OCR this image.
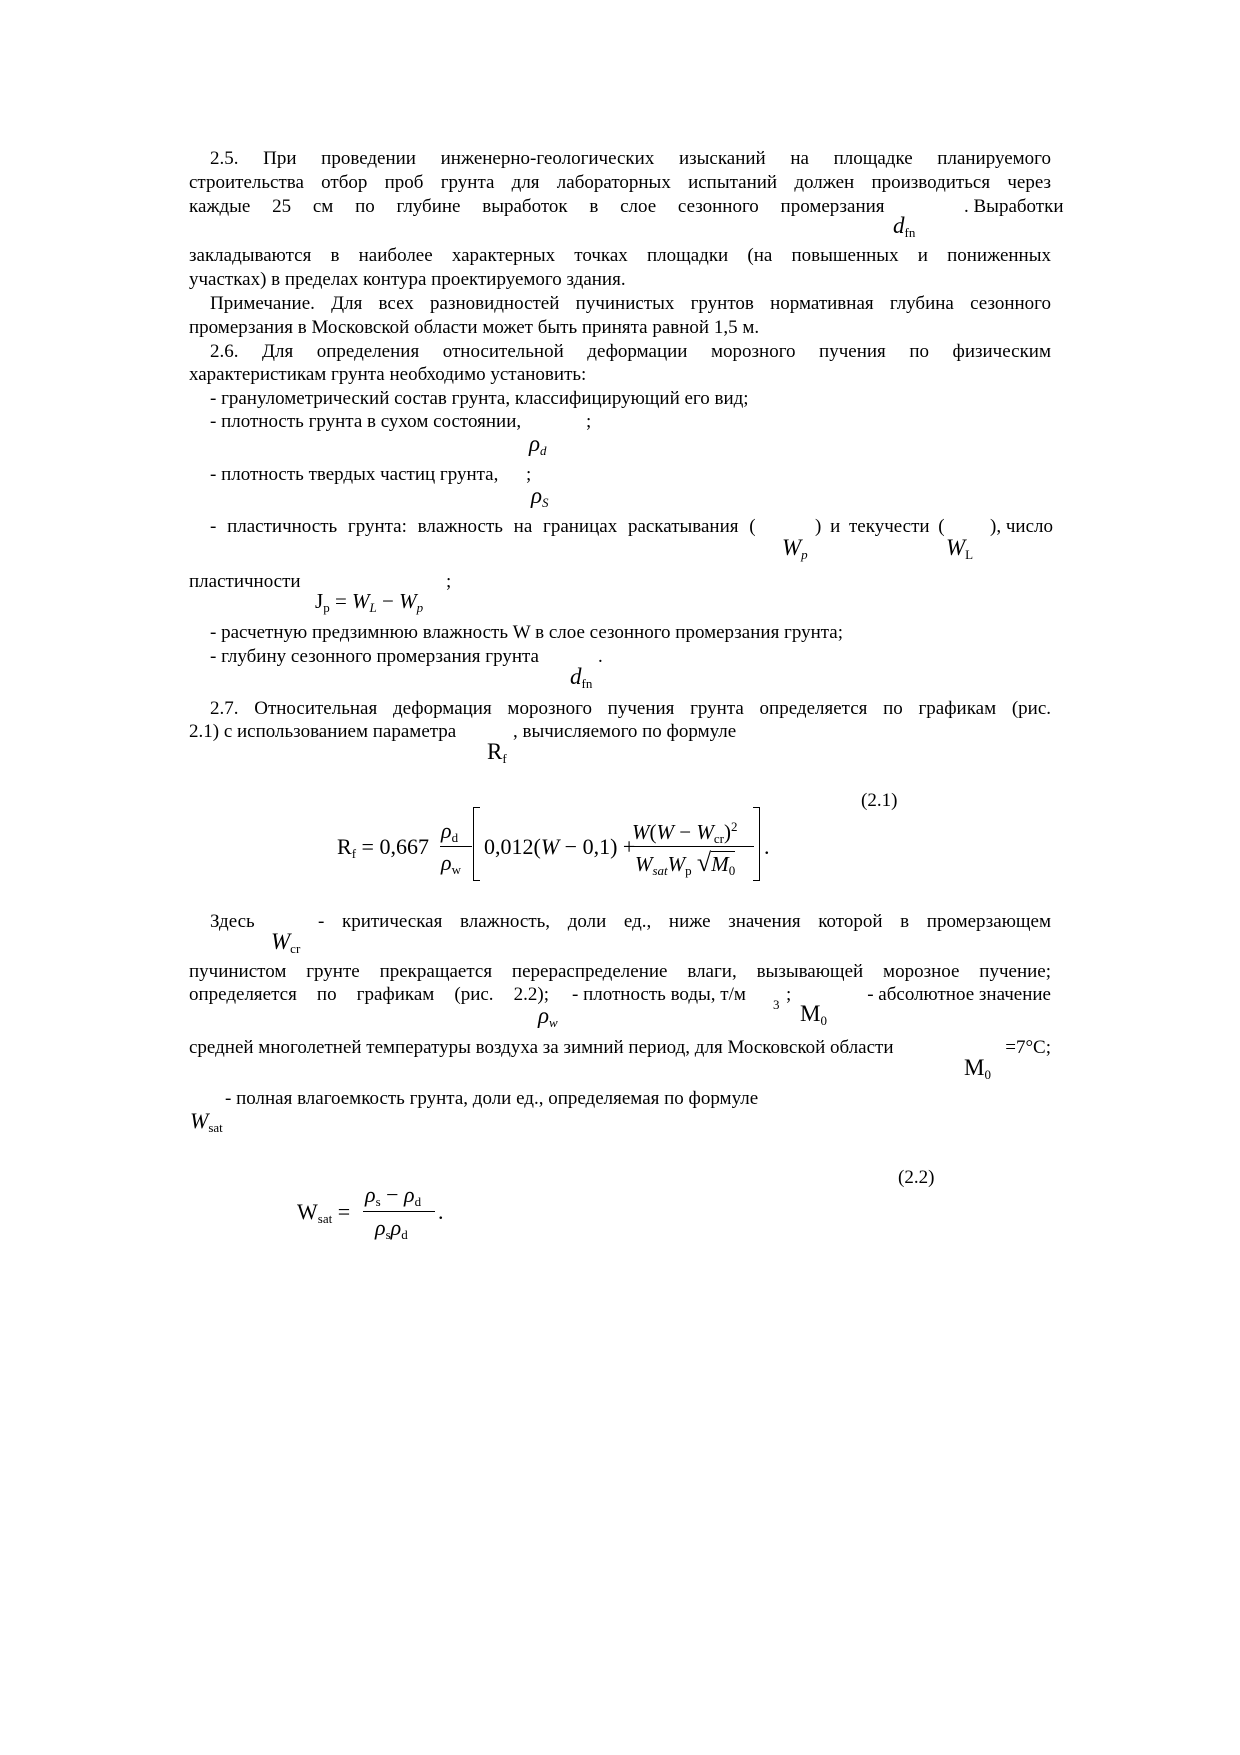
2.5. При проведении инженерно-геологических изысканий на площадке планируемого
строительства отбор проб грунта для лабораторных испытаний должен производиться через
каждые 25 см по глубине выработок в слое сезонного промерзания	. Выработки
$d_{fn}$
закладываются в наиболее характерных точках площадки (на повышенных и пониженных
участках) в пределах контура проектируемого здания.
Примечание. Для всех разновидностей пучинистых грунтов нормативная глубина сезонного
промерзания в Московской области может быть принята равной 1,5 м.
2.6. Для определения относительной деформации морозного пучения по физическим
характеристикам грунта необходимо установить:
- гранулометрический состав грунта, классифицирующий его вид;
- плотность грунта в сухом состоянии,	;
$\rho_d$
- плотность твердых частиц грунта,	;
$\rho_S$
- пластичность грунта: влажность на границах раскатывания (	) и текучести (	), число
$W_p$	$W_L$
пластичности	;
$J_p = W_L - W_p$
- расчетную предзимнюю влажность W в слое сезонного промерзания грунта;
- глубину сезонного промерзания грунта	.
$d_{fn}$
2.7. Относительная деформация морозного пучения грунта определяется по графикам (рис.
2.1) с использованием параметра	, вычисляемого по формуле
$R_f$
(2.1)
$R_f = 0,667$
$\rho_d$
$\rho_w$
0,012(W − 0,1) +
$W(W - W_{cr})^2$
$W_{sat}W_p$ $√M_0$
.
Здесь	- критическая влажность, доли ед., ниже значения которой в промерзающем
$W_{cr}$
пучинистом грунте прекращается перераспределение влаги, вызывающей морозное пучение;
определяется по графикам (рис. 2.2); - плотность воды, т/м	3 ;	- абсолютное значение
$\rho_w$	$M_0$
средней многолетней температуры воздуха за зимний период, для Московской области	=7°С;
$M_0$
- полная влагоемкость грунта, доли ед., определяемая по формуле
$W_{sat}$
(2.2)
$W_{sat}$ =
$\rho_s - \rho_d$
$\rho_s\rho_d$
.
